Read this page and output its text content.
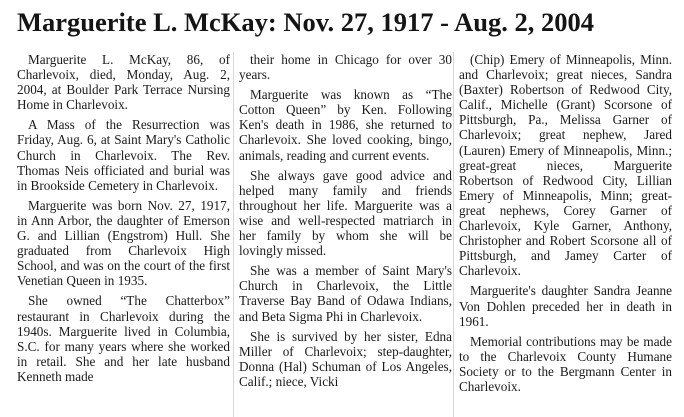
Marguerite L. McKay: Nov. 27, 1917 - Aug. 2, 2004

Marguerite L. McKay, 86, of Charlevoix, died, Monday, Aug. 2, 2004, at Boulder Park Terrace Nursing Home in Charlevoix.

A Mass of the Resurrection was Friday, Aug. 6, at Saint Mary's Catholic Church in Charlevoix. The Rev. Thomas Neis officiated and burial was in Brookside Cemetery in Charlevoix.

Marguerite was born Nov. 27, 1917, in Ann Arbor, the daughter of Emerson G. and Lillian (Engstrom) Hull. She graduated from Charlevoix High School, and was on the court of the first Venetian Queen in 1935.

She owned “The Chatterbox” restaurant in Charlevoix during the 1940s. Marguerite lived in Columbia, S.C. for many years where she worked in retail. She and her late husband Kenneth made

their home in Chicago for over 30 years.

Marguerite was known as “The Cotton Queen” by Ken. Following Ken's death in 1986, she returned to Charlevoix. She loved cooking, bingo, animals, reading and current events.

She always gave good advice and helped many family and friends throughout her life. Marguerite was a wise and well-respected matriarch in her family by whom she will be lovingly missed.

She was a member of Saint Mary's Church in Charlevoix, the Little Traverse Bay Band of Odawa Indians, and Beta Sigma Phi in Charlevoix.

She is survived by her sister, Edna Miller of Charlevoix; step-daughter, Donna (Hal) Schuman of Los Angeles, Calif.; niece, Vicki

(Chip) Emery of Minneapolis, Minn. and Charlevoix; great nieces, Sandra (Baxter) Robertson of Redwood City, Calif., Michelle (Grant) Scorsone of Pittsburgh, Pa., Melissa Garner of Charlevoix; great nephew, Jared (Lauren) Emery of Minneapolis, Minn.; great-great nieces, Marguerite Robertson of Redwood City, Lillian Emery of Minneapolis, Minn; great-great nephews, Corey Garner of Charlevoix, Kyle Garner, Anthony, Christopher and Robert Scorsone all of Pittsburgh, and Jamey Carter of Charlevoix.

Marguerite's daughter Sandra Jeanne Von Dohlen preceded her in death in 1961.

Memorial contributions may be made to the Charlevoix County Humane Society or to the Bergmann Center in Charlevoix.
